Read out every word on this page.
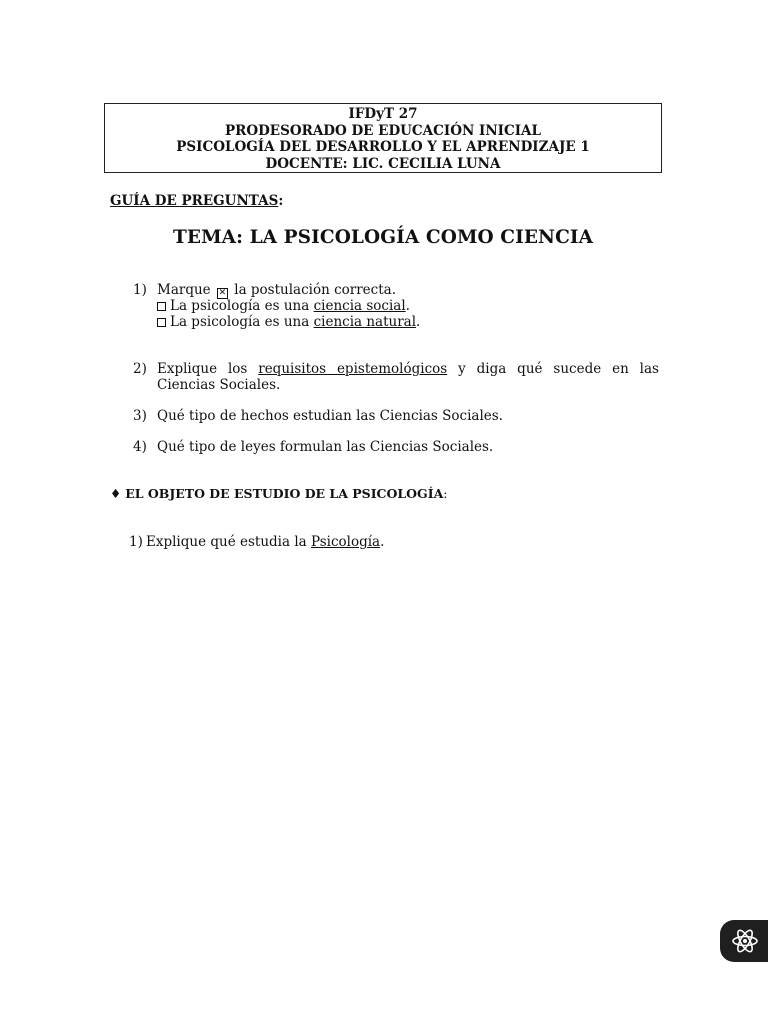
IFDyT 27
PRODESORADO DE EDUCACIÓN INICIAL
PSICOLOGÍA DEL DESARROLLO Y EL APRENDIZAJE 1
DOCENTE: LIC. CECILIA LUNA
GUÍA DE PREGUNTAS:
TEMA: LA PSICOLOGÍA COMO CIENCIA
1) Marque ✕ la postulación correcta.
La psicología es una ciencia social.
La psicología es una ciencia natural.
2) Explique los requisitos epistemológicos y diga qué sucede en las
Ciencias Sociales.
3) Qué tipo de hechos estudian las Ciencias Sociales.
4) Qué tipo de leyes formulan las Ciencias Sociales.
♦ EL OBJETO DE ESTUDIO DE LA PSICOLOGÍA:
1) Explique qué estudia la Psicología.
